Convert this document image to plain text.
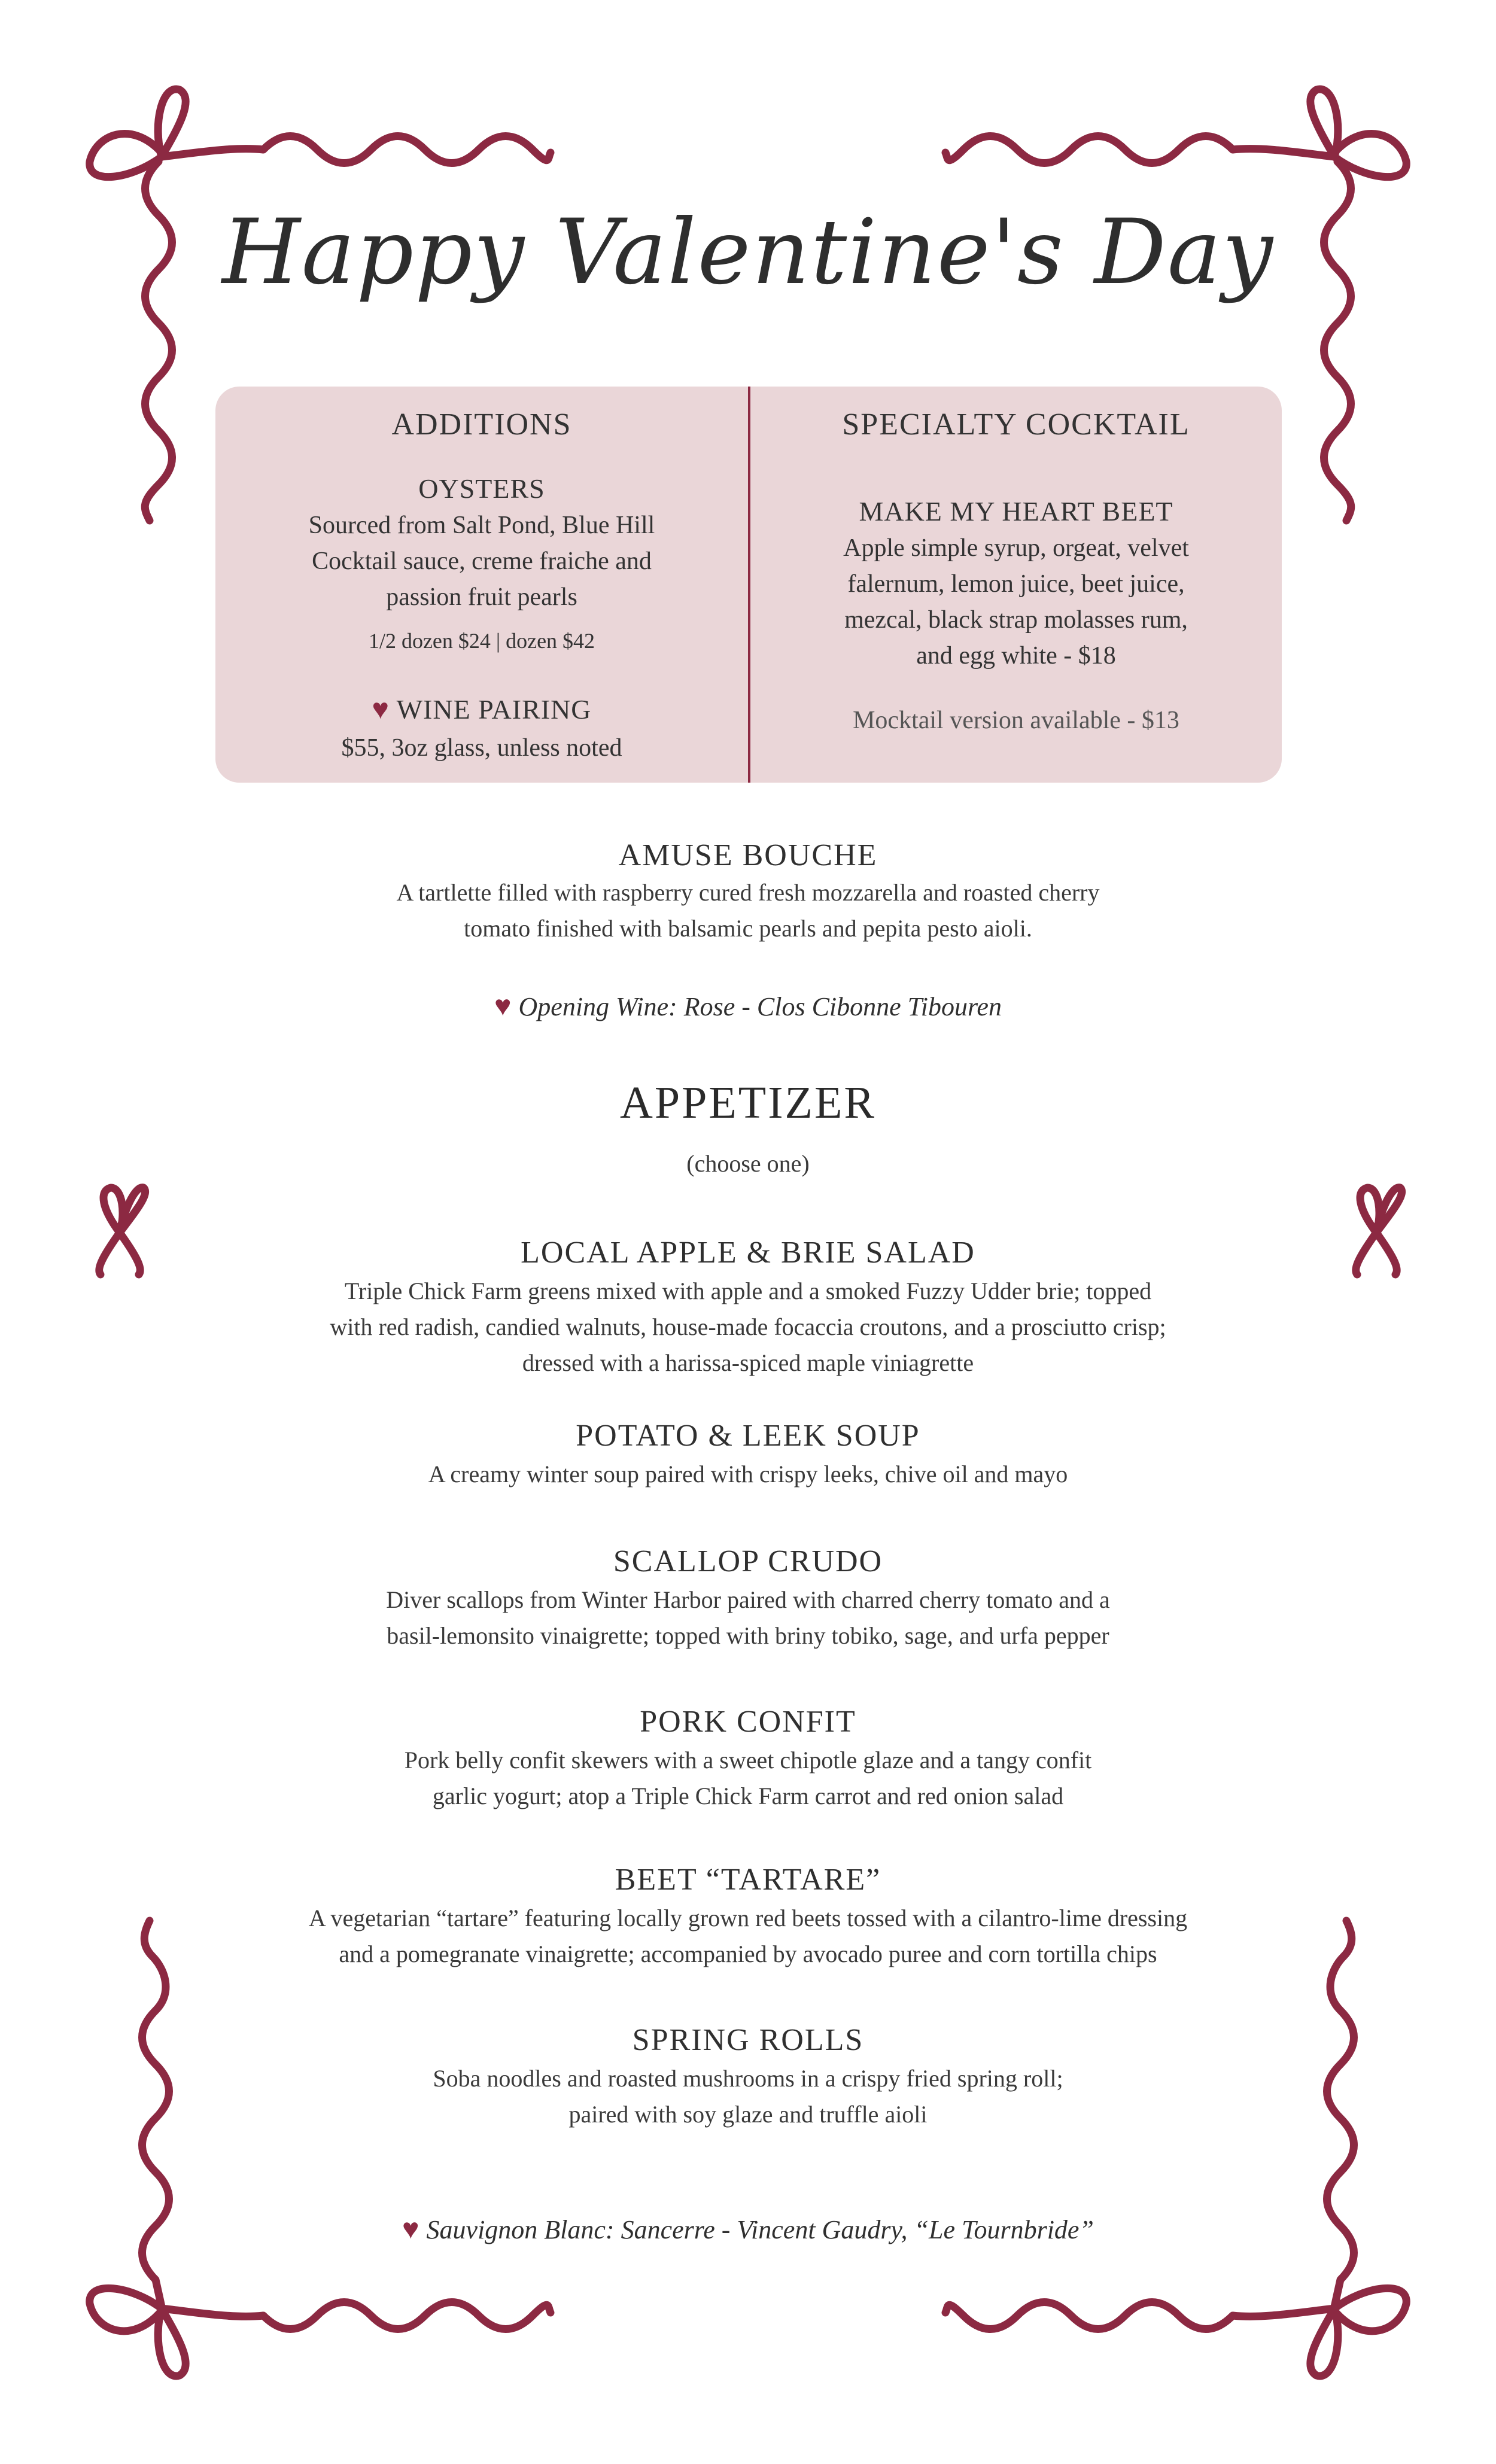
Happy Valentine's Day
ADDITIONS
OYSTERS
Sourced from Salt Pond, Blue Hill
Cocktail sauce, creme fraiche and
passion fruit pearls
1/2 dozen $24 | dozen $42
♥ WINE PAIRING
$55, 3oz glass, unless noted
SPECIALTY COCKTAIL
MAKE MY HEART BEET
Apple simple syrup, orgeat, velvet
falernum, lemon juice, beet juice,
mezcal, black strap molasses rum,
and egg white - $18
Mocktail version available - $13
AMUSE BOUCHE
A tartlette filled with raspberry cured fresh mozzarella and roasted cherry
tomato finished with balsamic pearls and pepita pesto aioli.
♥ Opening Wine: Rose - Clos Cibonne Tibouren
APPETIZER
(choose one)
LOCAL APPLE & BRIE SALAD
Triple Chick Farm greens mixed with apple and a smoked Fuzzy Udder brie; topped
with red radish, candied walnuts, house-made focaccia croutons, and a prosciutto crisp;
dressed with a harissa-spiced maple viniagrette
POTATO & LEEK SOUP
A creamy winter soup paired with crispy leeks, chive oil and mayo
SCALLOP CRUDO
Diver scallops from Winter Harbor paired with charred cherry tomato and a
basil-lemonsito vinaigrette; topped with briny tobiko, sage, and urfa pepper
PORK CONFIT
Pork belly confit skewers with a sweet chipotle glaze and a tangy confit
garlic yogurt; atop a Triple Chick Farm carrot and red onion salad
BEET “TARTARE”
A vegetarian “tartare” featuring locally grown red beets tossed with a cilantro-lime dressing
and a pomegranate vinaigrette; accompanied by avocado puree and corn tortilla chips
SPRING ROLLS
Soba noodles and roasted mushrooms in a crispy fried spring roll;
paired with soy glaze and truffle aioli
♥ Sauvignon Blanc: Sancerre - Vincent Gaudry, “Le Tournbride”
